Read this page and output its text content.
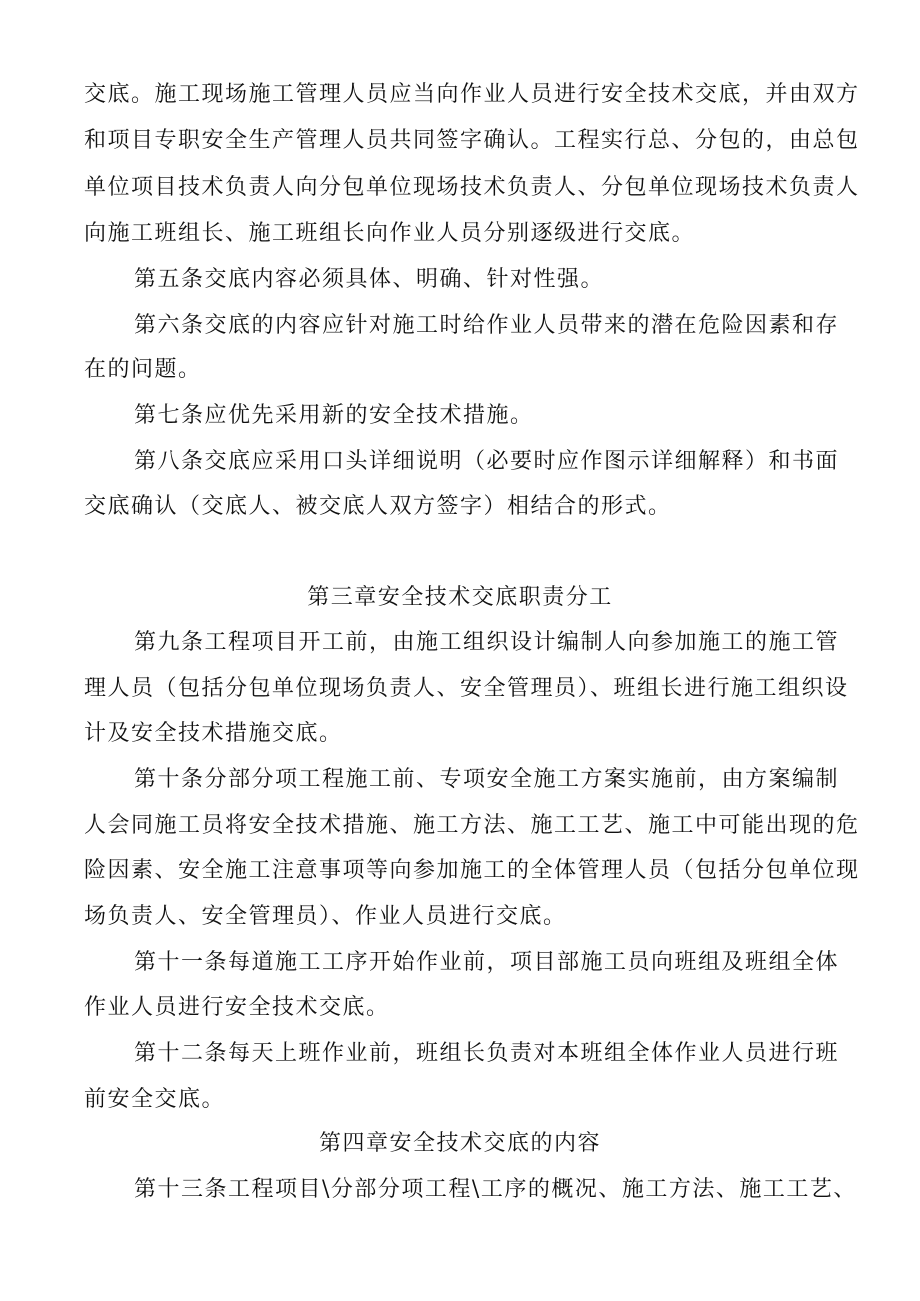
交底。施工现场施工管理人员应当向作业人员进行安全技术交底，并由双方
和项目专职安全生产管理人员共同签字确认。工程实行总、分包的，由总包
单位项目技术负责人向分包单位现场技术负责人、分包单位现场技术负责人
向施工班组长、施工班组长向作业人员分别逐级进行交底。
第五条交底内容必须具体、明确、针对性强。
第六条交底的内容应针对施工时给作业人员带来的潜在危险因素和存
在的问题。
第七条应优先采用新的安全技术措施。
第八条交底应采用口头详细说明（必要时应作图示详细解释）和书面
交底确认（交底人、被交底人双方签字）相结合的形式。
第三章安全技术交底职责分工
第九条工程项目开工前，由施工组织设计编制人向参加施工的施工管
理人员（包括分包单位现场负责人、安全管理员）、班组长进行施工组织设
计及安全技术措施交底。
第十条分部分项工程施工前、专项安全施工方案实施前，由方案编制
人会同施工员将安全技术措施、施工方法、施工工艺、施工中可能出现的危
险因素、安全施工注意事项等向参加施工的全体管理人员（包括分包单位现
场负责人、安全管理员）、作业人员进行交底。
第十一条每道施工工序开始作业前，项目部施工员向班组及班组全体
作业人员进行安全技术交底。
第十二条每天上班作业前，班组长负责对本班组全体作业人员进行班
前安全交底。
第四章安全技术交底的内容
第十三条工程项目\分部分项工程\工序的概况、施工方法、施工工艺、
